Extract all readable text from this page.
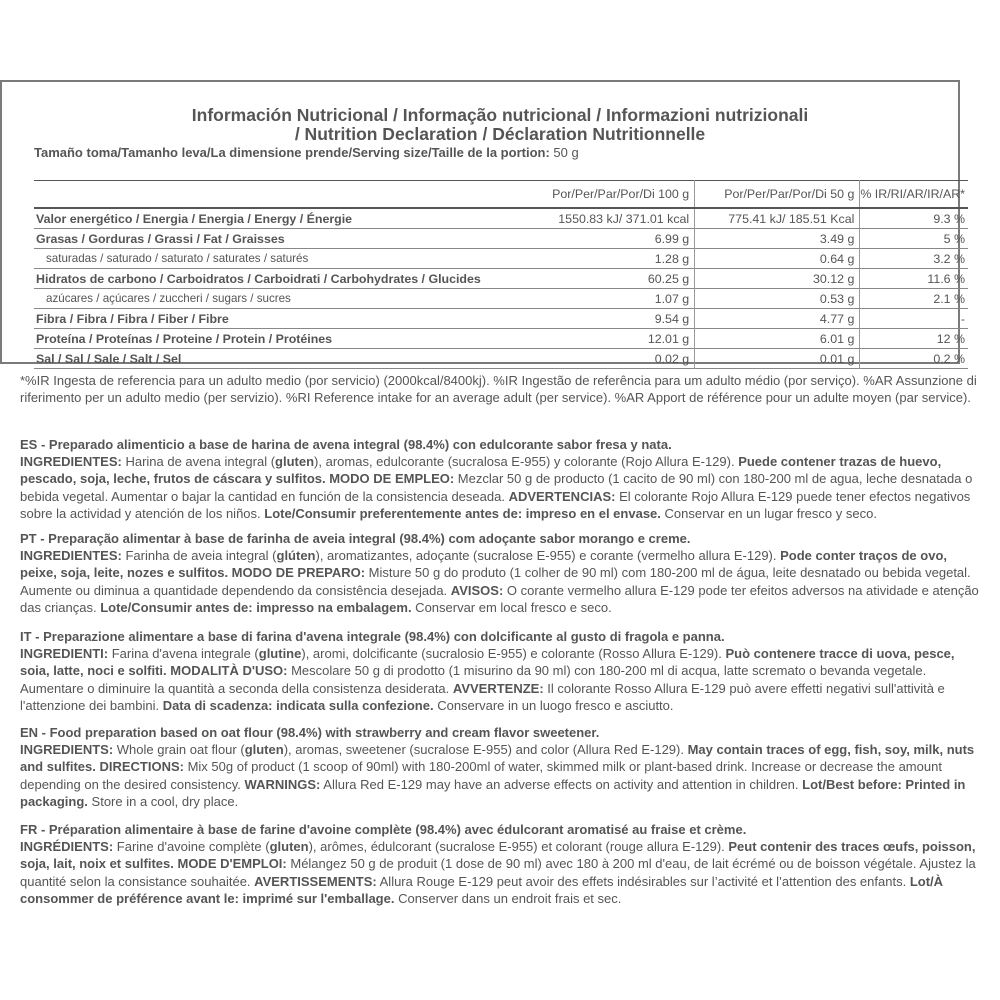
Información Nutricional / Informação nutricional / Informazioni nutrizionali
/ Nutrition Declaration / Déclaration Nutritionnelle
Tamaño toma/Tamanho leva/La dimensione prende/Serving size/Taille de la portion: 50 g
	Por/Per/Par/Por/Di 100 g	Por/Per/Par/Por/Di 50 g	% IR/RI/AR/IR/AR*
Valor energético / Energia / Energia / Energy / Énergie	1550.83 kJ/ 371.01 kcal	775.41 kJ/ 185.51 Kcal	9.3 %
Grasas / Gorduras / Grassi / Fat / Graisses	6.99 g	3.49 g	5 %
saturadas / saturado / saturato / saturates / saturés	1.28 g	0.64 g	3.2 %
Hidratos de carbono / Carboidratos / Carboidrati / Carbohydrates / Glucides	60.25 g	30.12 g	11.6 %
azúcares / açúcares / zuccheri / sugars / sucres	1.07 g	0.53 g	2.1 %
Fibra / Fibra / Fibra / Fiber / Fibre	9.54 g	4.77 g	-
Proteína / Proteínas / Proteine / Protein / Protéines	12.01 g	6.01 g	12 %
Sal / Sal / Sale / Salt / Sel	0.02 g	0.01 g	0.2 %
*%IR Ingesta de referencia para un adulto medio (por servicio) (2000kcal/8400kj). %IR Ingestão de referência para um adulto médio (por serviço). %AR Assunzione di riferimento per un adulto medio (per servizio). %RI Reference intake for an average adult (per service). %AR Apport de référence pour un adulte moyen (par service).

ES - Preparado alimenticio a base de harina de avena integral (98.4%) con edulcorante sabor fresa y nata.

INGREDIENTES: Harina de avena integral (gluten), aromas, edulcorante (sucralosa E-955) y colorante (Rojo Allura E-129). Puede contener trazas de huevo, pescado, soja, leche, frutos de cáscara y sulfitos. MODO DE EMPLEO: Mezclar 50 g de producto (1 cacito de 90 ml) con 180-200 ml de agua, leche desnatada o bebida vegetal. Aumentar o bajar la cantidad en función de la consistencia deseada. ADVERTENCIAS: El colorante Rojo Allura E-129 puede tener efectos negativos sobre la actividad y atención de los niños. Lote/Consumir preferentemente antes de: impreso en el envase. Conservar en un lugar fresco y seco.

PT - Preparação alimentar à base de farinha de aveia integral (98.4%) com adoçante sabor morango e creme.

INGREDIENTES: Farinha de aveia integral (glúten), aromatizantes, adoçante (sucralose E-955) e corante (vermelho allura E-129). Pode conter traços de ovo, peixe, soja, leite, nozes e sulfitos. MODO DE PREPARO: Misture 50 g do produto (1 colher de 90 ml) com 180-200 ml de água, leite desnatado ou bebida vegetal. Aumente ou diminua a quantidade dependendo da consistência desejada. AVISOS: O corante vermelho allura E-129 pode ter efeitos adversos na atividade e atenção das crianças. Lote/Consumir antes de: impresso na embalagem. Conservar em local fresco e seco.

IT - Preparazione alimentare a base di farina d'avena integrale (98.4%) con dolcificante al gusto di fragola e panna.

INGREDIENTI: Farina d'avena integrale (glutine), aromi, dolcificante (sucralosio E-955) e colorante (Rosso Allura E-129). Può contenere tracce di uova, pesce, soia, latte, noci e solfiti. MODALITÀ D'USO: Mescolare 50 g di prodotto (1 misurino da 90 ml) con 180-200 ml di acqua, latte scremato o bevanda vegetale. Aumentare o diminuire la quantità a seconda della consistenza desiderata. AVVERTENZE: Il colorante Rosso Allura E-129 può avere effetti negativi sull'attività e l'attenzione dei bambini. Data di scadenza: indicata sulla confezione. Conservare in un luogo fresco e asciutto.

EN - Food preparation based on oat flour (98.4%) with strawberry and cream flavor sweetener.

INGREDIENTS: Whole grain oat flour (gluten), aromas, sweetener (sucralose E-955) and color (Allura Red E-129). May contain traces of egg, fish, soy, milk, nuts and sulfites. DIRECTIONS: Mix 50g of product (1 scoop of 90ml) with 180-200ml of water, skimmed milk or plant-based drink. Increase or decrease the amount depending on the desired consistency. WARNINGS: Allura Red E-129 may have an adverse effects on activity and attention in children. Lot/Best before: Printed in packaging. Store in a cool, dry place.

FR - Préparation alimentaire à base de farine d'avoine complète (98.4%) avec édulcorant aromatisé au fraise et crème.

INGRÉDIENTS: Farine d'avoine complète (gluten), arômes, édulcorant (sucralose E-955) et colorant (rouge allura E-129). Peut contenir des traces œufs, poisson, soja, lait, noix et sulfites. MODE D'EMPLOI: Mélangez 50 g de produit (1 dose de 90 ml) avec 180 à 200 ml d'eau, de lait écrémé ou de boisson végétale. Ajustez la quantité selon la consistance souhaitée. AVERTISSEMENTS: Allura Rouge E-129 peut avoir des effets indésirables sur l’activité et l’attention des enfants. Lot/À consommer de préférence avant le: imprimé sur l'emballage. Conserver dans un endroit frais et sec.
